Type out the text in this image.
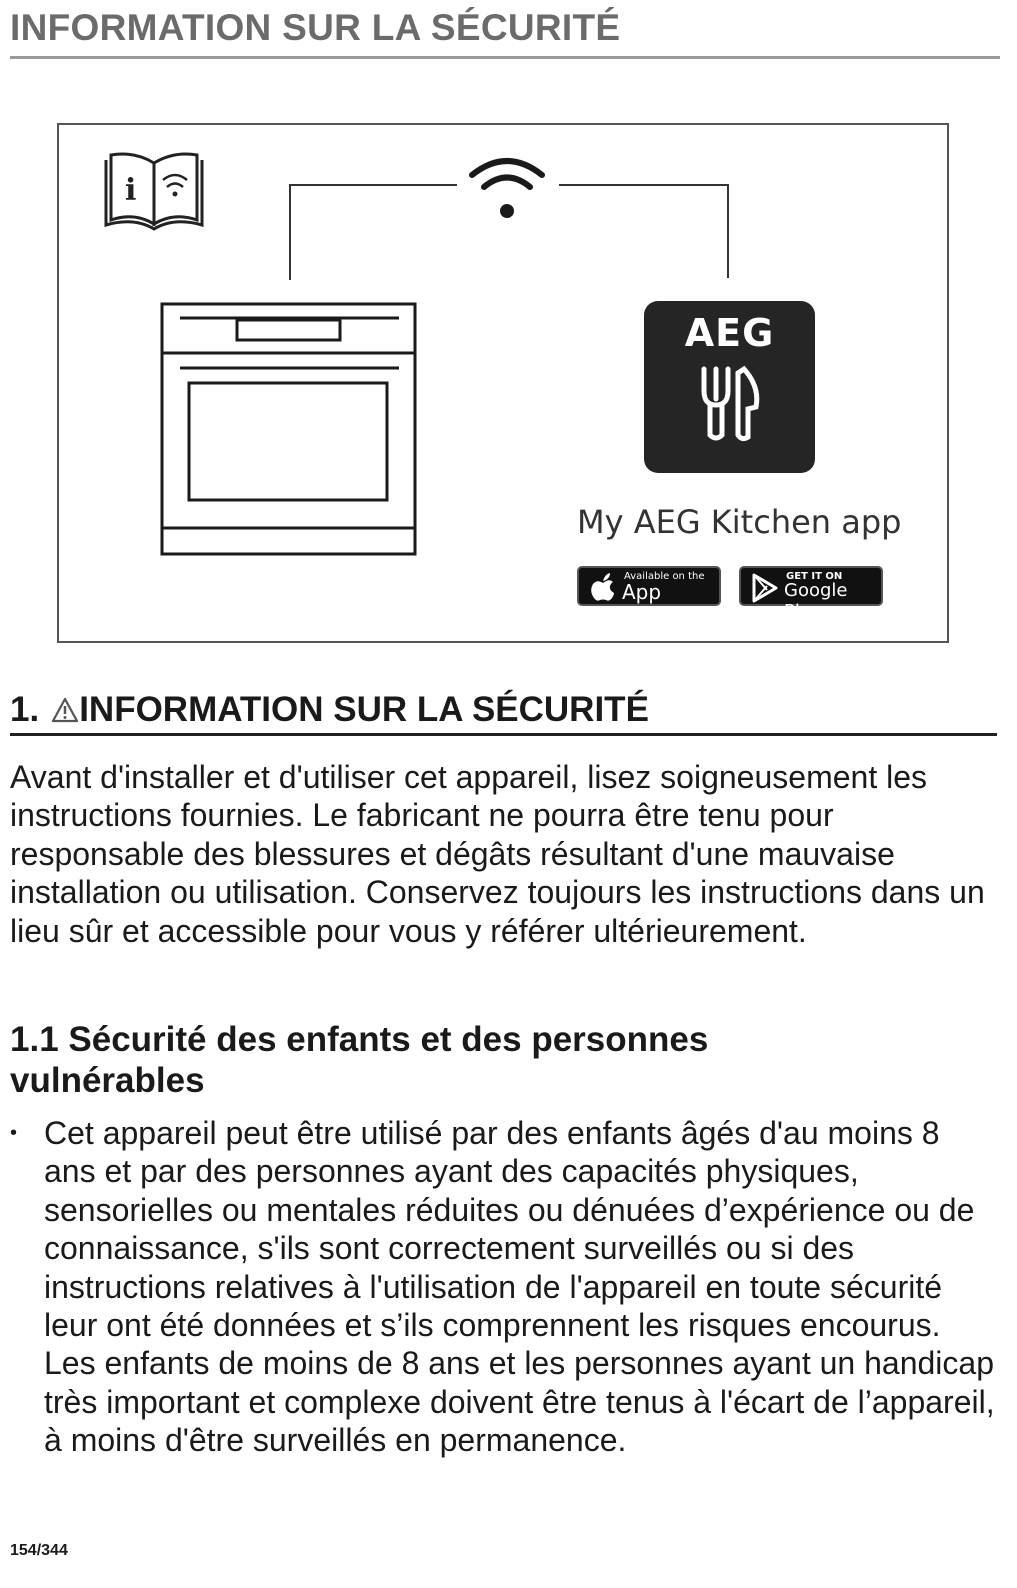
INFORMATION SUR LA SÉCURITÉ
i
AEG
My AEG Kitchen app
Available on the
App Store
GET IT ON
Google Play
1. INFORMATION SUR LA SÉCURITÉ
Avant d'installer et d'utiliser cet appareil, lisez soigneusement les instructions fournies. Le fabricant ne pourra être tenu pour responsable des blessures et dégâts résultant d'une mauvaise installation ou utilisation. Conservez toujours les instructions dans un lieu sûr et accessible pour vous y référer ultérieurement.
1.1 Sécurité des enfants et des personnes vulnérables
• Cet appareil peut être utilisé par des enfants âgés d'au moins 8 ans et par des personnes ayant des capacités physiques, sensorielles ou mentales réduites ou dénuées d’expérience ou de connaissance, s'ils sont correctement surveillés ou si des instructions relatives à l'utilisation de l'appareil en toute sécurité leur ont été données et s’ils comprennent les risques encourus. Les enfants de moins de 8 ans et les personnes ayant un handicap très important et complexe doivent être tenus à l'écart de l’appareil, à moins d'être surveillés en permanence.
154/344
